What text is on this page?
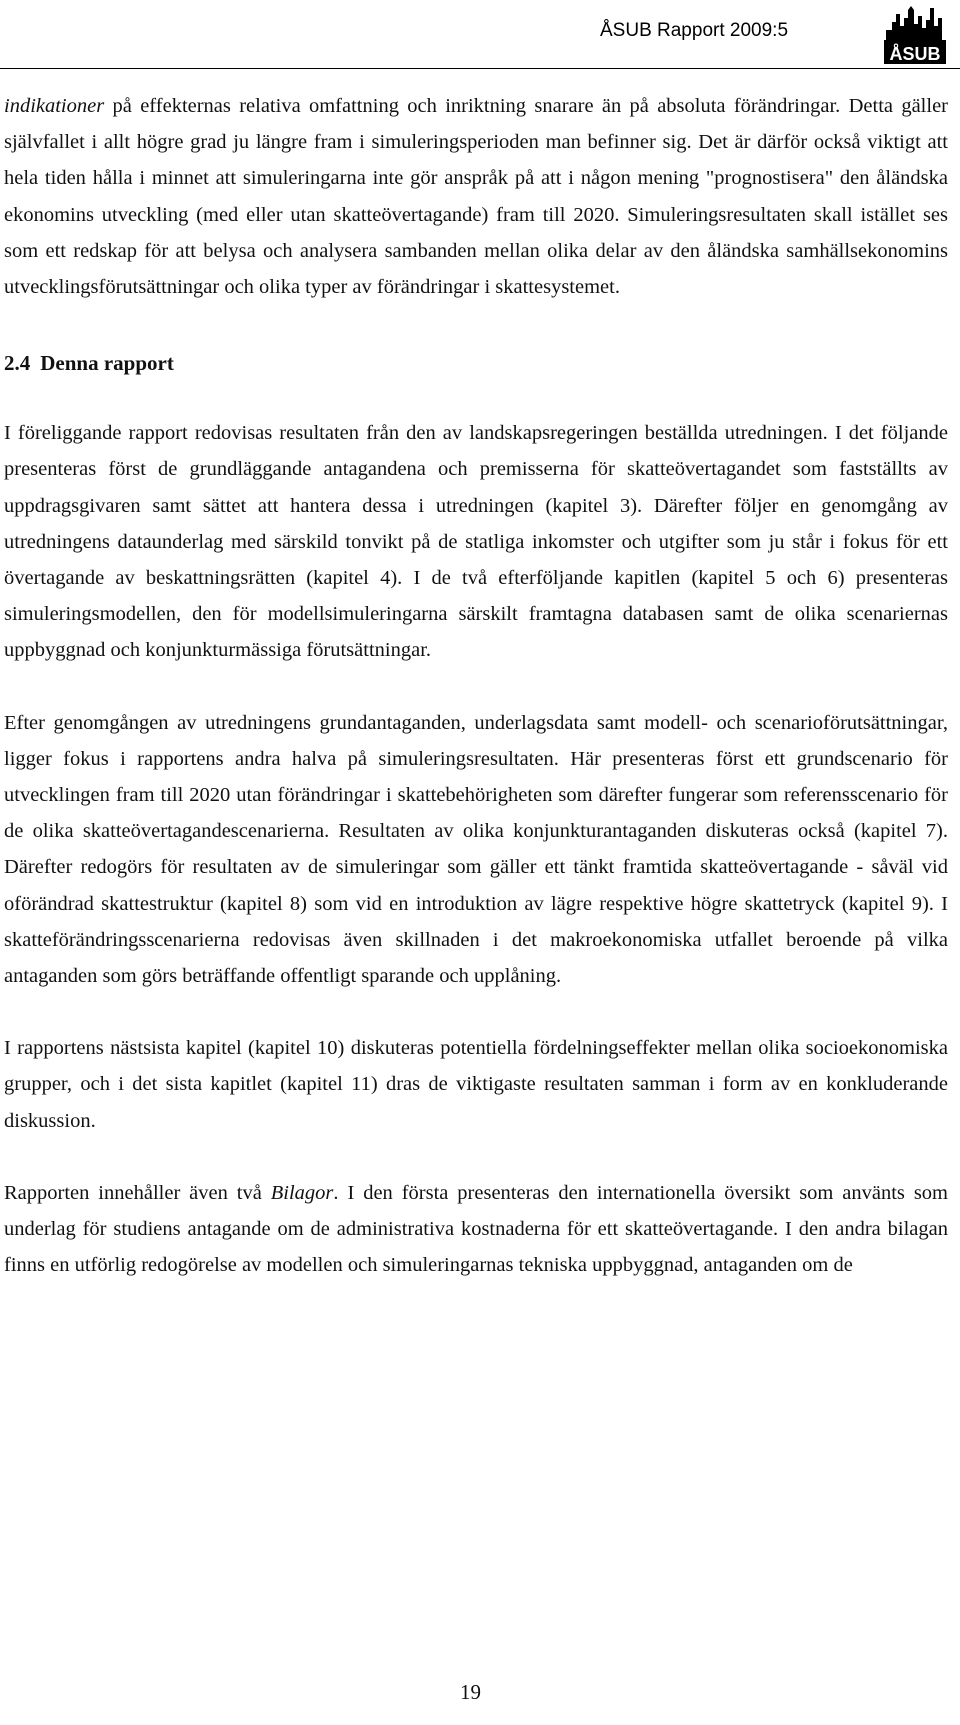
ÅSUB Rapport 2009:5
ÅSUB

indikationer på effekternas relativa omfattning och inriktning snarare än på absoluta förändringar. Detta gäller självfallet i allt högre grad ju längre fram i simuleringsperioden man befinner sig. Det är därför också viktigt att hela tiden hålla i minnet att simuleringarna inte gör anspråk på att i någon mening "prognostisera" den åländska ekonomins utveckling (med eller utan skatteövertagande) fram till 2020. Simuleringsresultaten skall istället ses som ett redskap för att belysa och analysera sambanden mellan olika delar av den åländska samhällsekonomins utvecklingsförutsättningar och olika typer av förändringar i skattesystemet.

2.4 Denna rapport

I föreliggande rapport redovisas resultaten från den av landskapsregeringen beställda utredningen. I det följande presenteras först de grundläggande antagandena och premisserna för skatteövertagandet som fastställts av uppdragsgivaren samt sättet att hantera dessa i utredningen (kapitel 3). Därefter följer en genomgång av utredningens dataunderlag med särskild tonvikt på de statliga inkomster och utgifter som ju står i fokus för ett övertagande av beskattningsrätten (kapitel 4). I de två efterföljande kapitlen (kapitel 5 och 6) presenteras simuleringsmodellen, den för modellsimuleringarna särskilt framtagna databasen samt de olika scenariernas uppbyggnad och konjunkturmässiga förutsättningar.

Efter genomgången av utredningens grundantaganden, underlagsdata samt modell- och scenarioförutsättningar, ligger fokus i rapportens andra halva på simuleringsresultaten. Här presenteras först ett grundscenario för utvecklingen fram till 2020 utan förändringar i skattebehörigheten som därefter fungerar som referensscenario för de olika skatteövertagandescenarierna. Resultaten av olika konjunkturantaganden diskuteras också (kapitel 7). Därefter redogörs för resultaten av de simuleringar som gäller ett tänkt framtida skatteövertagande - såväl vid oförändrad skattestruktur (kapitel 8) som vid en introduktion av lägre respektive högre skattetryck (kapitel 9). I skatteförändringsscenarierna redovisas även skillnaden i det makroekonomiska utfallet beroende på vilka antaganden som görs beträffande offentligt sparande och upplåning.

I rapportens nästsista kapitel (kapitel 10) diskuteras potentiella fördelningseffekter mellan olika socioekonomiska grupper, och i det sista kapitlet (kapitel 11) dras de viktigaste resultaten samman i form av en konkluderande diskussion.

Rapporten innehåller även två Bilagor. I den första presenteras den internationella översikt som använts som underlag för studiens antagande om de administrativa kostnaderna för ett skatteövertagande. I den andra bilagan finns en utförlig redogörelse av modellen och simuleringarnas tekniska uppbyggnad, antaganden om de

19
